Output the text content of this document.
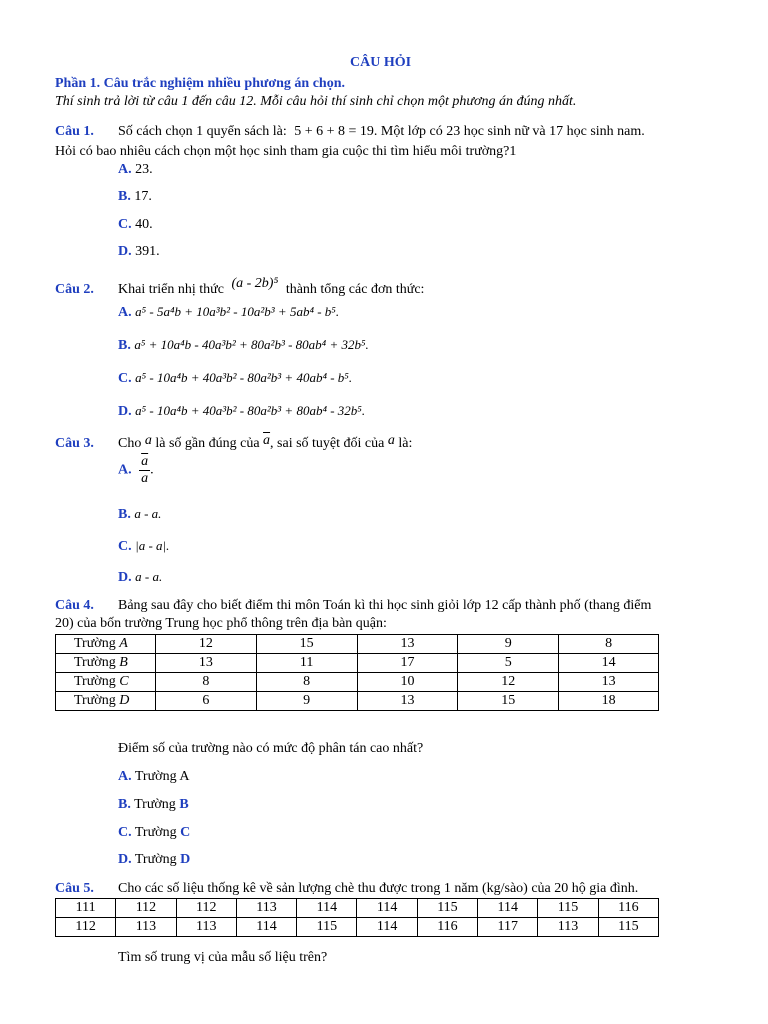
CÂU HỎI
Phần 1. Câu trắc nghiệm nhiều phương án chọn.
Thí sinh trả lời từ câu 1 đến câu 12. Mỗi câu hỏi thí sinh chỉ chọn một phương án đúng nhất.
Câu 1. Số cách chọn 1 quyển sách là: 5 + 6 + 8 = 19. Một lớp có 23 học sinh nữ và 17 học sinh nam.
Hỏi có bao nhiêu cách chọn một học sinh tham gia cuộc thi tìm hiểu môi trường?1
A. 23.
B. 17.
C. 40.
D. 391.
Câu 2. Khai triển nhị thức (a - 2b)⁵ thành tổng các đơn thức:
A. a⁵ - 5a⁴b + 10a³b² - 10a²b³ + 5ab⁴ - b⁵.
B. a⁵ + 10a⁴b - 40a³b² + 80a²b³ - 80ab⁴ + 32b⁵.
C. a⁵ - 10a⁴b + 40a³b² - 80a²b³ + 40ab⁴ - b⁵.
D. a⁵ - 10a⁴b + 40a³b² - 80a²b³ + 80ab⁴ - 32b⁵.
Câu 3. Cho a là số gần đúng của $\overline{a}$, sai số tuyệt đối của a là:
A. $\frac{\overline{a}}{a}$ .
B. a - a.
C. |a - a|.
D. a - a.
Câu 4. Bảng sau đây cho biết điểm thi môn Toán kì thi học sinh giỏi lớp 12 cấp thành phố (thang điểm
20) của bốn trường Trung học phổ thông trên địa bàn quận:
Trường A	12	15	13	9	8
Trường B	13	11	17	5	14
Trường C	8	8	10	12	13
Trường D	6	9	13	15	18
Điểm số của trường nào có mức độ phân tán cao nhất?
A. Trường A
B. Trường B
C. Trường C
D. Trường D
Câu 5. Cho các số liệu thống kê về sản lượng chè thu được trong 1 năm (kg/sào) của 20 hộ gia đình.
111	112	112	113	114	114	115	114	115	116
112	113	113	114	115	114	116	117	113	115
Tìm số trung vị của mẫu số liệu trên?
